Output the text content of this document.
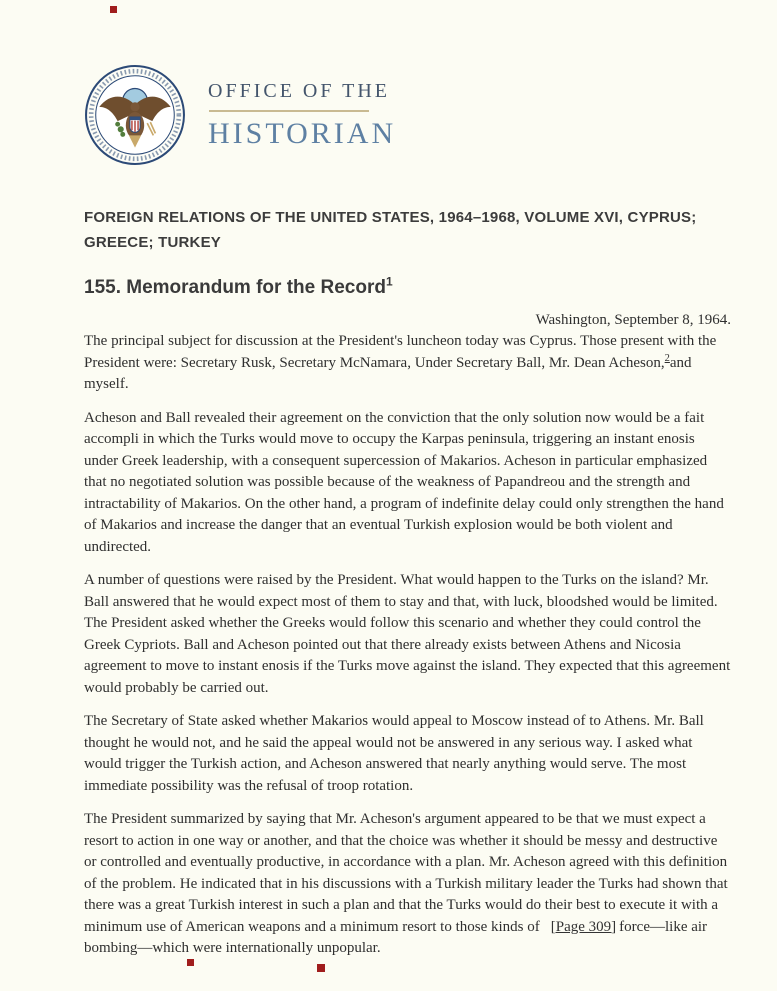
OFFICE OF THE
HISTORIAN
FOREIGN RELATIONS OF THE UNITED STATES, 1964–1968, VOLUME XVI, CYPRUS; GREECE; TURKEY
155. Memorandum for the Record$^1$
Washington, September 8, 1964.

The principal subject for discussion at the President's luncheon today was Cyprus. Those present with the President were: Secretary Rusk, Secretary McNamara, Under Secretary Ball, Mr. Dean Acheson,$^2$and myself.

Acheson and Ball revealed their agreement on the conviction that the only solution now would be a fait accompli in which the Turks would move to occupy the Karpas peninsula, triggering an instant enosis under Greek leadership, with a consequent supercession of Makarios. Acheson in particular emphasized that no negotiated solution was possible because of the weakness of Papandreou and the strength and intractability of Makarios. On the other hand, a program of indefinite delay could only strengthen the hand of Makarios and increase the danger that an eventual Turkish explosion would be both violent and undirected.

A number of questions were raised by the President. What would happen to the Turks on the island? Mr. Ball answered that he would expect most of them to stay and that, with luck, bloodshed would be limited. The President asked whether the Greeks would follow this scenario and whether they could control the Greek Cypriots. Ball and Acheson pointed out that there already exists between Athens and Nicosia agreement to move to instant enosis if the Turks move against the island. They expected that this agreement would probably be carried out.

The Secretary of State asked whether Makarios would appeal to Moscow instead of to Athens. Mr. Ball thought he would not, and he said the appeal would not be answered in any serious way. I asked what would trigger the Turkish action, and Acheson answered that nearly anything would serve. The most immediate possibility was the refusal of troop rotation.

The President summarized by saying that Mr. Acheson's argument appeared to be that we must expect a resort to action in one way or another, and that the choice was whether it should be messy and destructive or controlled and eventually productive, in accordance with a plan. Mr. Acheson agreed with this definition of the problem. He indicated that in his discussions with a Turkish military leader the Turks had shown that there was a great Turkish interest in such a plan and that the Turks would do their best to execute it with a minimum use of American weapons and a minimum resort to those kinds of [Page 309] force—like air bombing—which were internationally unpopular.
